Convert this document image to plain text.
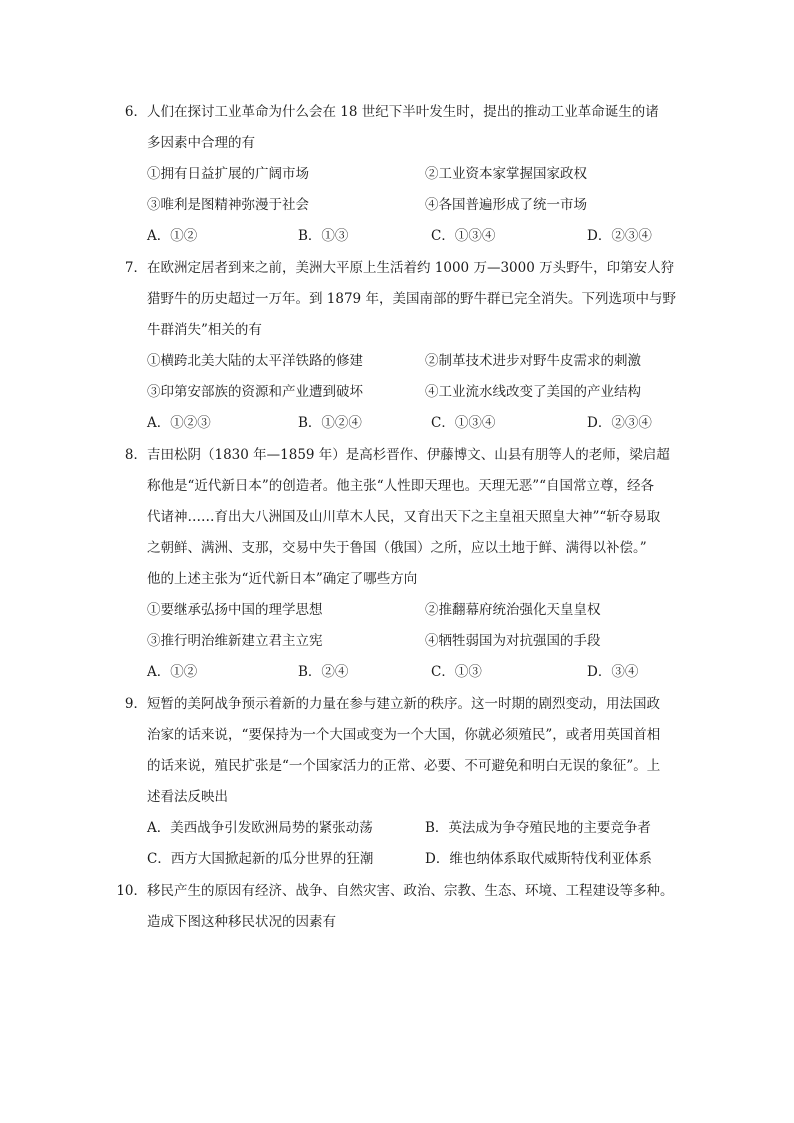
6．人们在探讨工业革命为什么会在 18 世纪下半叶发生时，提出的推动工业革命诞生的诸
多因素中合理的有
①拥有日益扩展的广阔市场	②工业资本家掌握国家政权
③唯利是图精神弥漫于社会	④各国普遍形成了统一市场
A．①②	B．①③	C．①③④	D．②③④
7．在欧洲定居者到来之前，美洲大平原上生活着约 1000 万—3000 万头野牛，印第安人狩
猎野牛的历史超过一万年。到 1879 年，美国南部的野牛群已完全消失。下列选项中与野
牛群消失”相关的有
①横跨北美大陆的太平洋铁路的修建	②制革技术进步对野牛皮需求的刺激
③印第安部族的资源和产业遭到破坏	④工业流水线改变了美国的产业结构
A．①②③	B．①②④	C．①③④	D．②③④
8．吉田松阴（1830 年—1859 年）是高杉晋作、伊藤博文、山县有朋等人的老师，梁启超
称他是“近代新日本”的创造者。他主张“人性即天理也。天理无恶”“自国常立尊，经各
代诸神……育出大八洲国及山川草木人民，又育出天下之主皇祖天照皇大神”“斩夺易取
之朝鲜、满洲、支那，交易中失于鲁国（俄国）之所，应以土地于鲜、满得以补偿。”
他的上述主张为“近代新日本”确定了哪些方向
①要继承弘扬中国的理学思想	②推翻幕府统治强化天皇皇权
③推行明治维新建立君主立宪	④牺牲弱国为对抗强国的手段
A．①②	B．②④	C．①③	D．③④
9．短暂的美阿战争预示着新的力量在参与建立新的秩序。这一时期的剧烈变动，用法国政
治家的话来说，“要保持为一个大国或变为一个大国，你就必须殖民”，或者用英国首相
的话来说，殖民扩张是“一个国家活力的正常、必要、不可避免和明白无误的象征”。上
述看法反映出
A．美西战争引发欧洲局势的紧张动荡	B．英法成为争夺殖民地的主要竞争者
C．西方大国掀起新的瓜分世界的狂潮	D．维也纳体系取代威斯特伐利亚体系
10．移民产生的原因有经济、战争、自然灾害、政治、宗教、生态、环境、工程建设等多种。
造成下图这种移民状况的因素有
